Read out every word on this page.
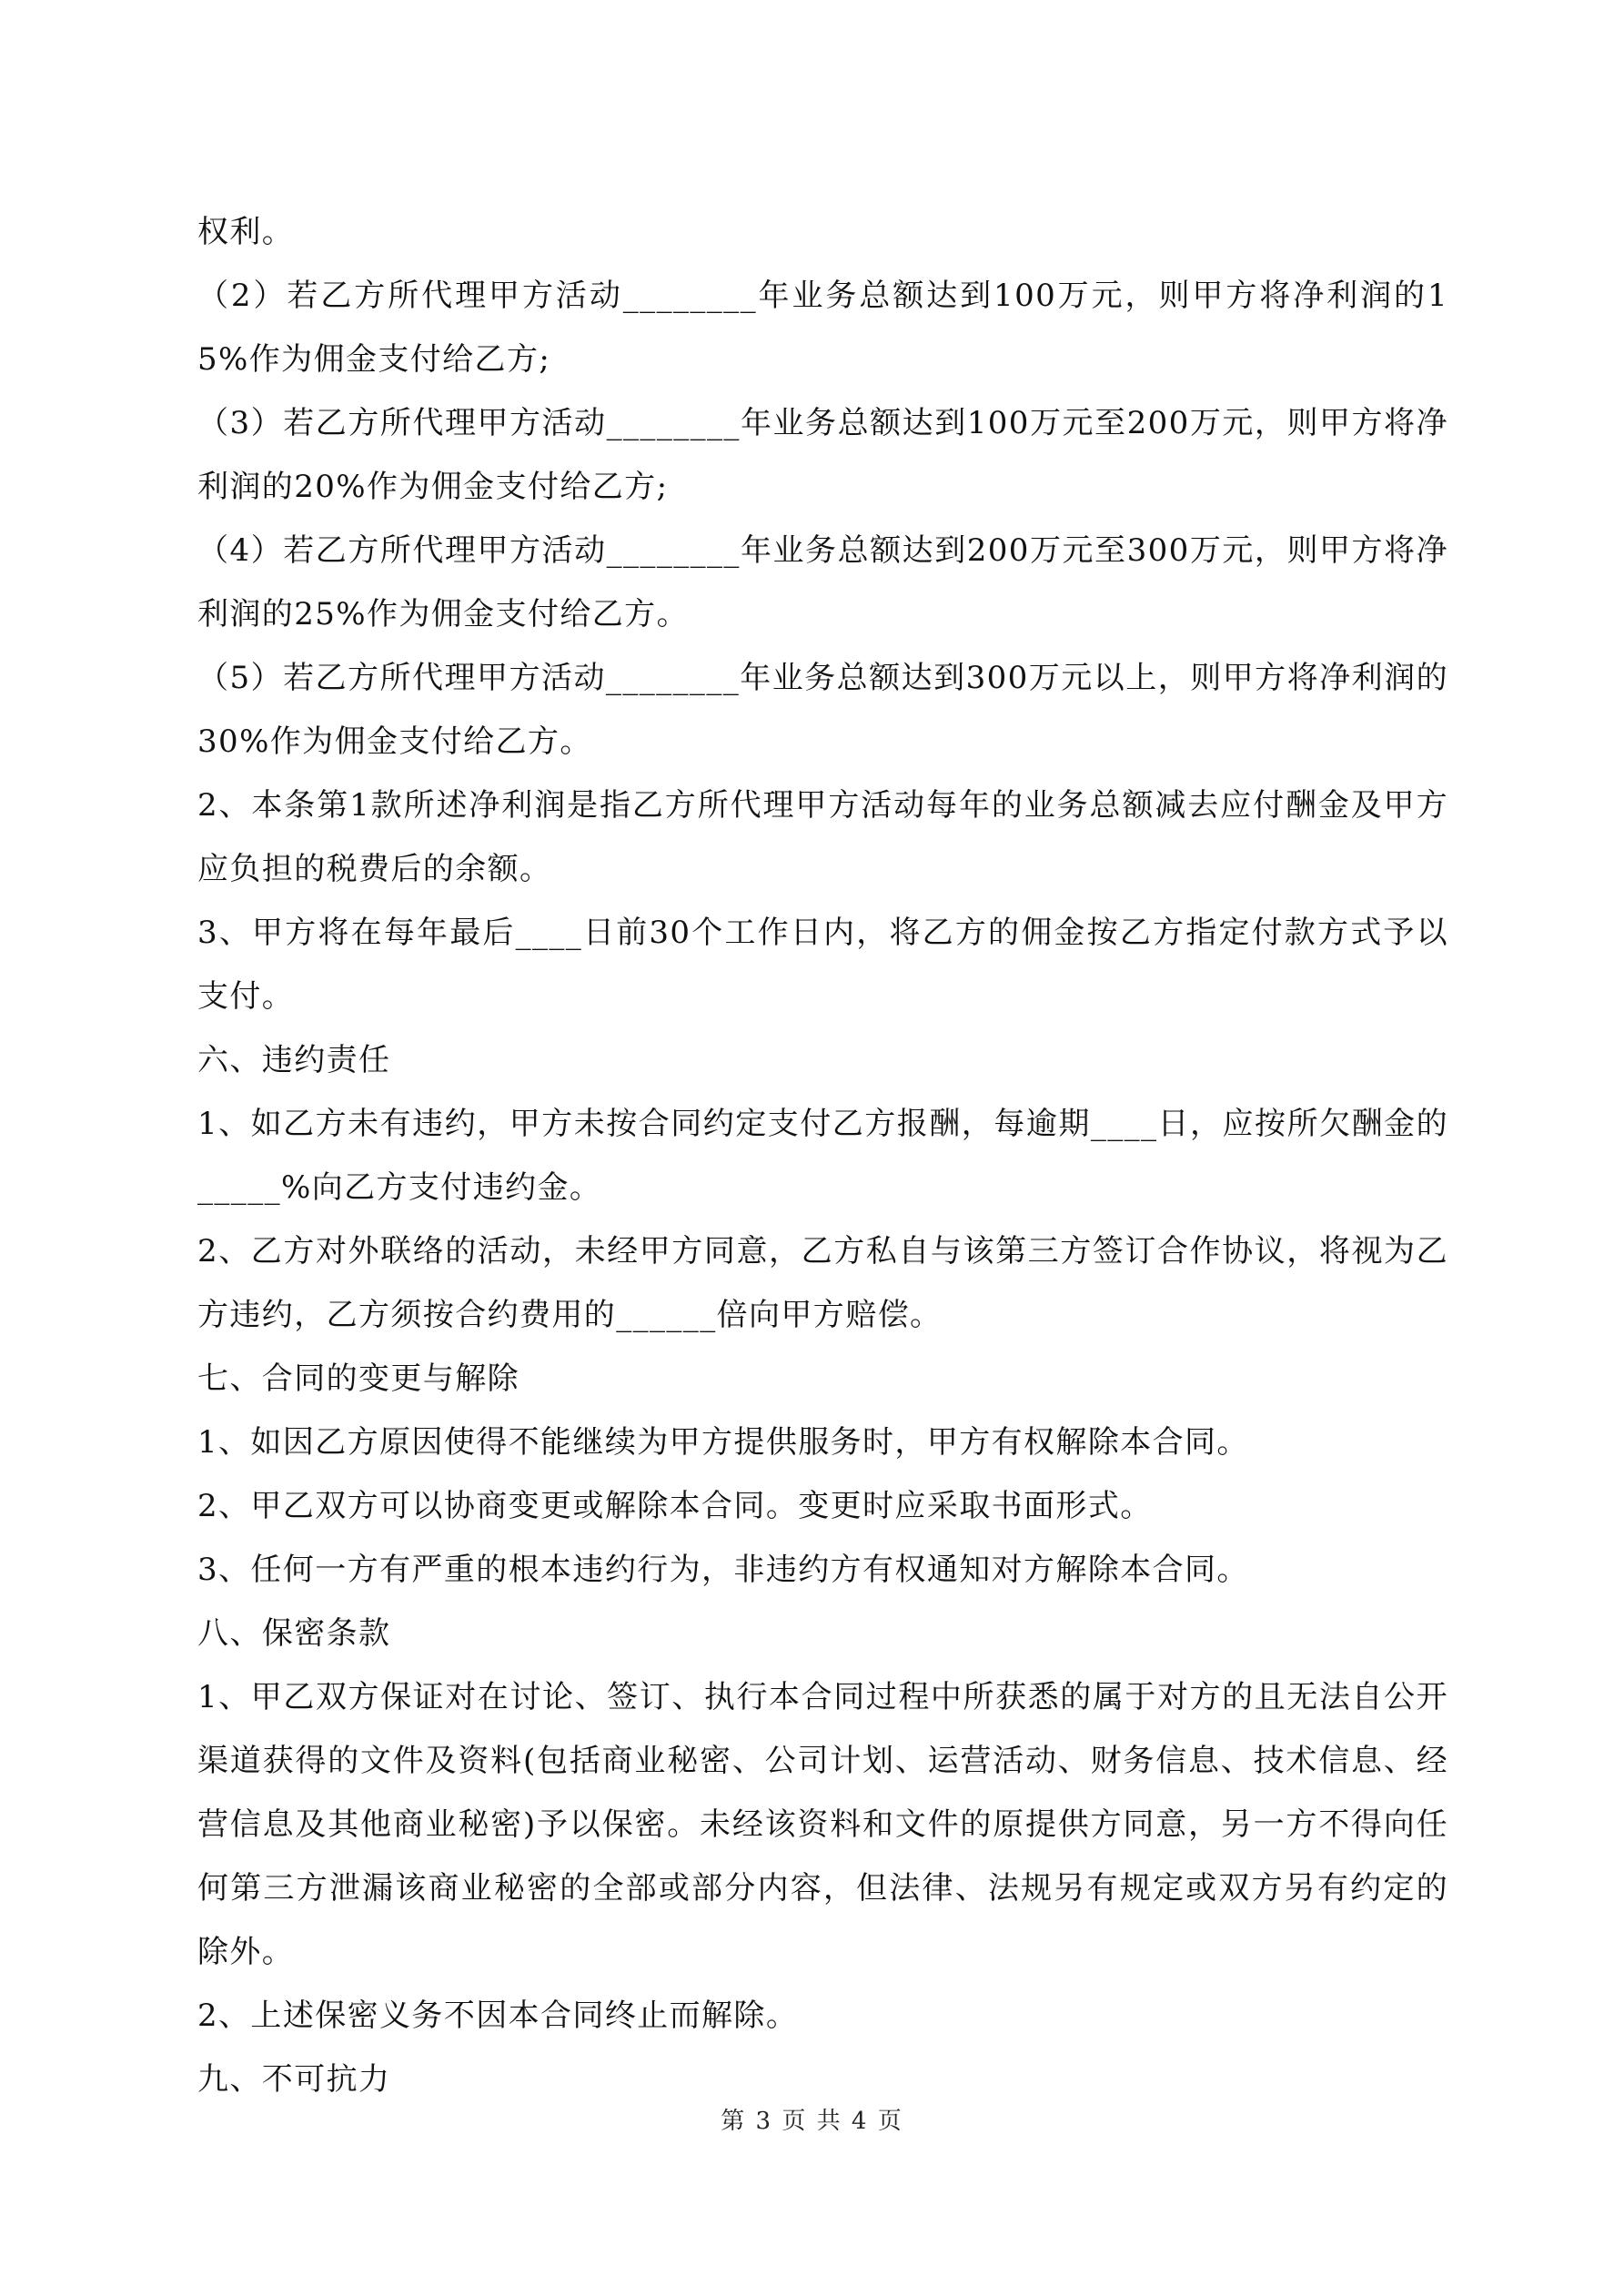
权利。

（2）若乙方所代理甲方活动________年业务总额达到100万元，则甲方将净利润的15%作为佣金支付给乙方;

（3）若乙方所代理甲方活动________年业务总额达到100万元至200万元，则甲方将净利润的20%作为佣金支付给乙方;

（4）若乙方所代理甲方活动________年业务总额达到200万元至300万元，则甲方将净利润的25%作为佣金支付给乙方。

（5）若乙方所代理甲方活动________年业务总额达到300万元以上，则甲方将净利润的30%作为佣金支付给乙方。

2、本条第1款所述净利润是指乙方所代理甲方活动每年的业务总额减去应付酬金及甲方应负担的税费后的余额。

3、甲方将在每年最后____日前30个工作日内，将乙方的佣金按乙方指定付款方式予以支付。

六、违约责任

1、如乙方未有违约，甲方未按合同约定支付乙方报酬，每逾期____日，应按所欠酬金的_____%向乙方支付违约金。

2、乙方对外联络的活动，未经甲方同意，乙方私自与该第三方签订合作协议，将视为乙方违约，乙方须按合约费用的______倍向甲方赔偿。

七、合同的变更与解除

1、如因乙方原因使得不能继续为甲方提供服务时，甲方有权解除本合同。

2、甲乙双方可以协商变更或解除本合同。变更时应采取书面形式。

3、任何一方有严重的根本违约行为，非违约方有权通知对方解除本合同。

八、保密条款

1、甲乙双方保证对在讨论、签订、执行本合同过程中所获悉的属于对方的且无法自公开渠道获得的文件及资料(包括商业秘密、公司计划、运营活动、财务信息、技术信息、经营信息及其他商业秘密)予以保密。未经该资料和文件的原提供方同意，另一方不得向任何第三方泄漏该商业秘密的全部或部分内容，但法律、法规另有规定或双方另有约定的除外。

2、上述保密义务不因本合同终止而解除。

九、不可抗力

第 3 页 共 4 页
